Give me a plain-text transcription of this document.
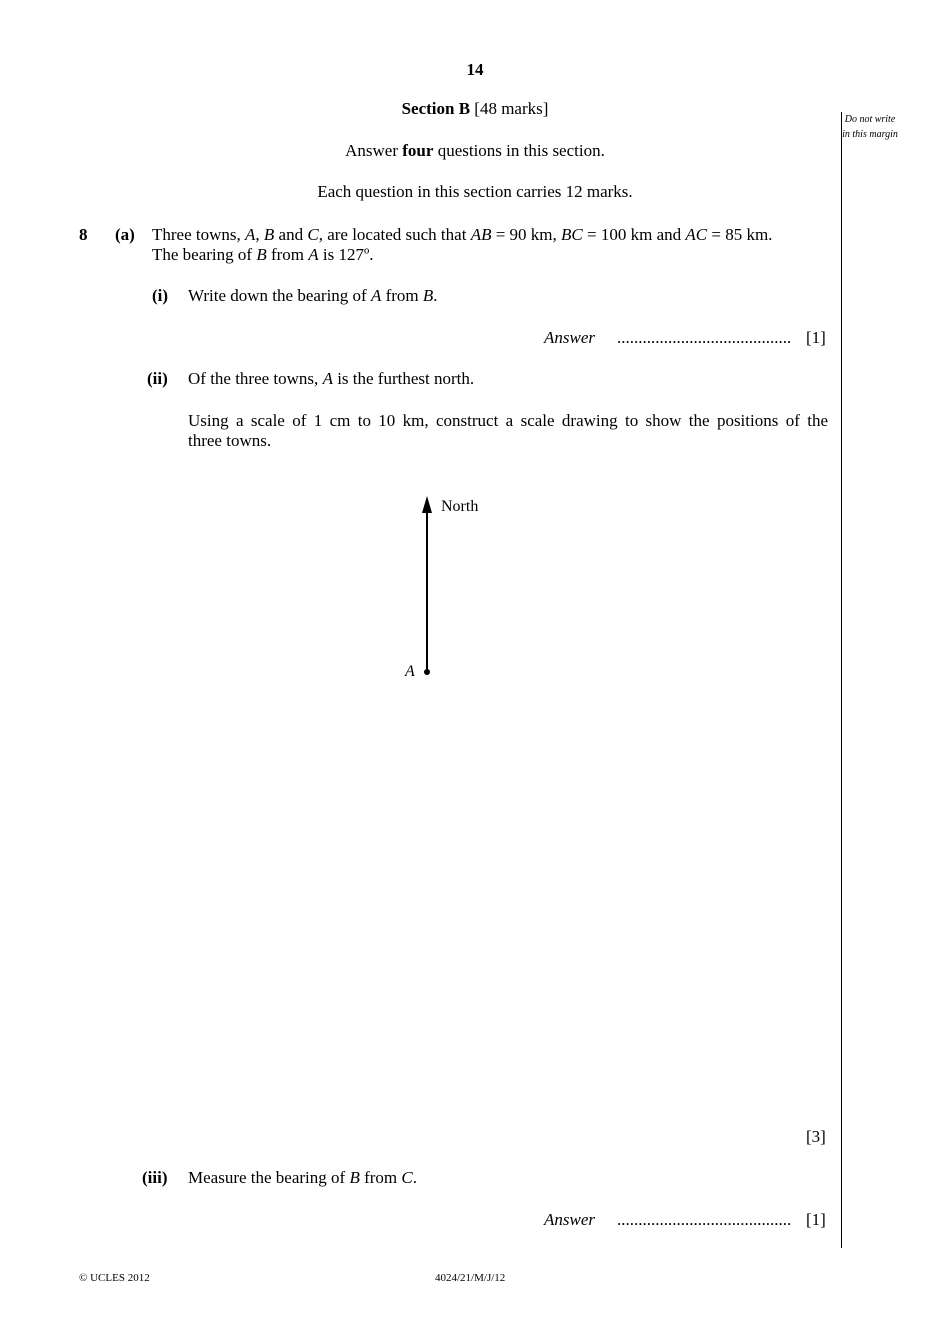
14
Section B [48 marks]
Answer four questions in this section.
Each question in this section carries 12 marks.
Do not write in this margin
8 (a) Three towns, A, B and C, are located such that AB = 90 km, BC = 100 km and AC = 85 km.
The bearing of B from A is 127º.
(i) Write down the bearing of A from B.
Answer ......................................... [1]
(ii) Of the three towns, A is the furthest north.
Using a scale of 1 cm to 10 km, construct a scale drawing to show the positions of the
three towns.
North
A
[3]
(iii) Measure the bearing of B from C.
Answer ......................................... [1]
© UCLES 2012	4024/21/M/J/12
